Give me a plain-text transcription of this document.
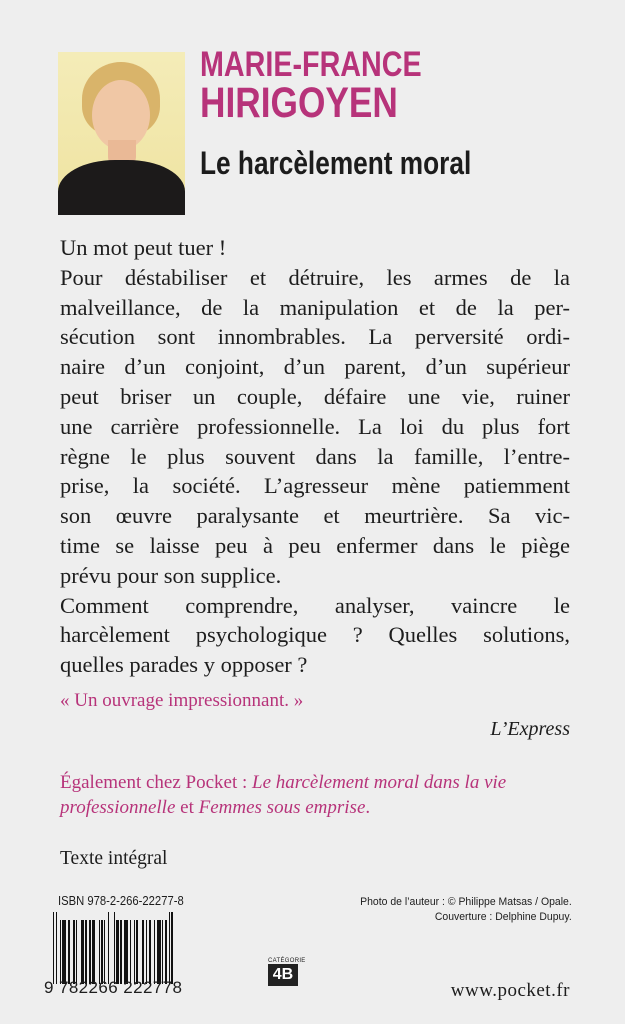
MARIE-FRANCE
HIRIGOYEN
Le harcèlement moral
Un mot peut tuer !
Pour déstabiliser et détruire, les armes de la
malveillance, de la manipulation et de la per-
sécution sont innombrables. La perversité ordi-
naire d’un conjoint, d’un parent, d’un supérieur
peut briser un couple, défaire une vie, ruiner
une carrière professionnelle. La loi du plus fort
règne le plus souvent dans la famille, l’entre-
prise, la société. L’agresseur mène patiemment
son œuvre paralysante et meurtrière. Sa vic-
time se laisse peu à peu enfermer dans le piège
prévu pour son supplice.
Comment comprendre, analyser, vaincre le
harcèlement psychologique ? Quelles solutions,
quelles parades y opposer ?
« Un ouvrage impressionnant. »
L’Express
Également chez Pocket : Le harcèlement moral dans la vie professionnelle et Femmes sous emprise.
Texte intégral
ISBN 978-2-266-22277-8
9 782266 222778
CATÉGORIE
4B
Photo de l’auteur : © Philippe Matsas / Opale.
Couverture : Delphine Dupuy.
www.pocket.fr
